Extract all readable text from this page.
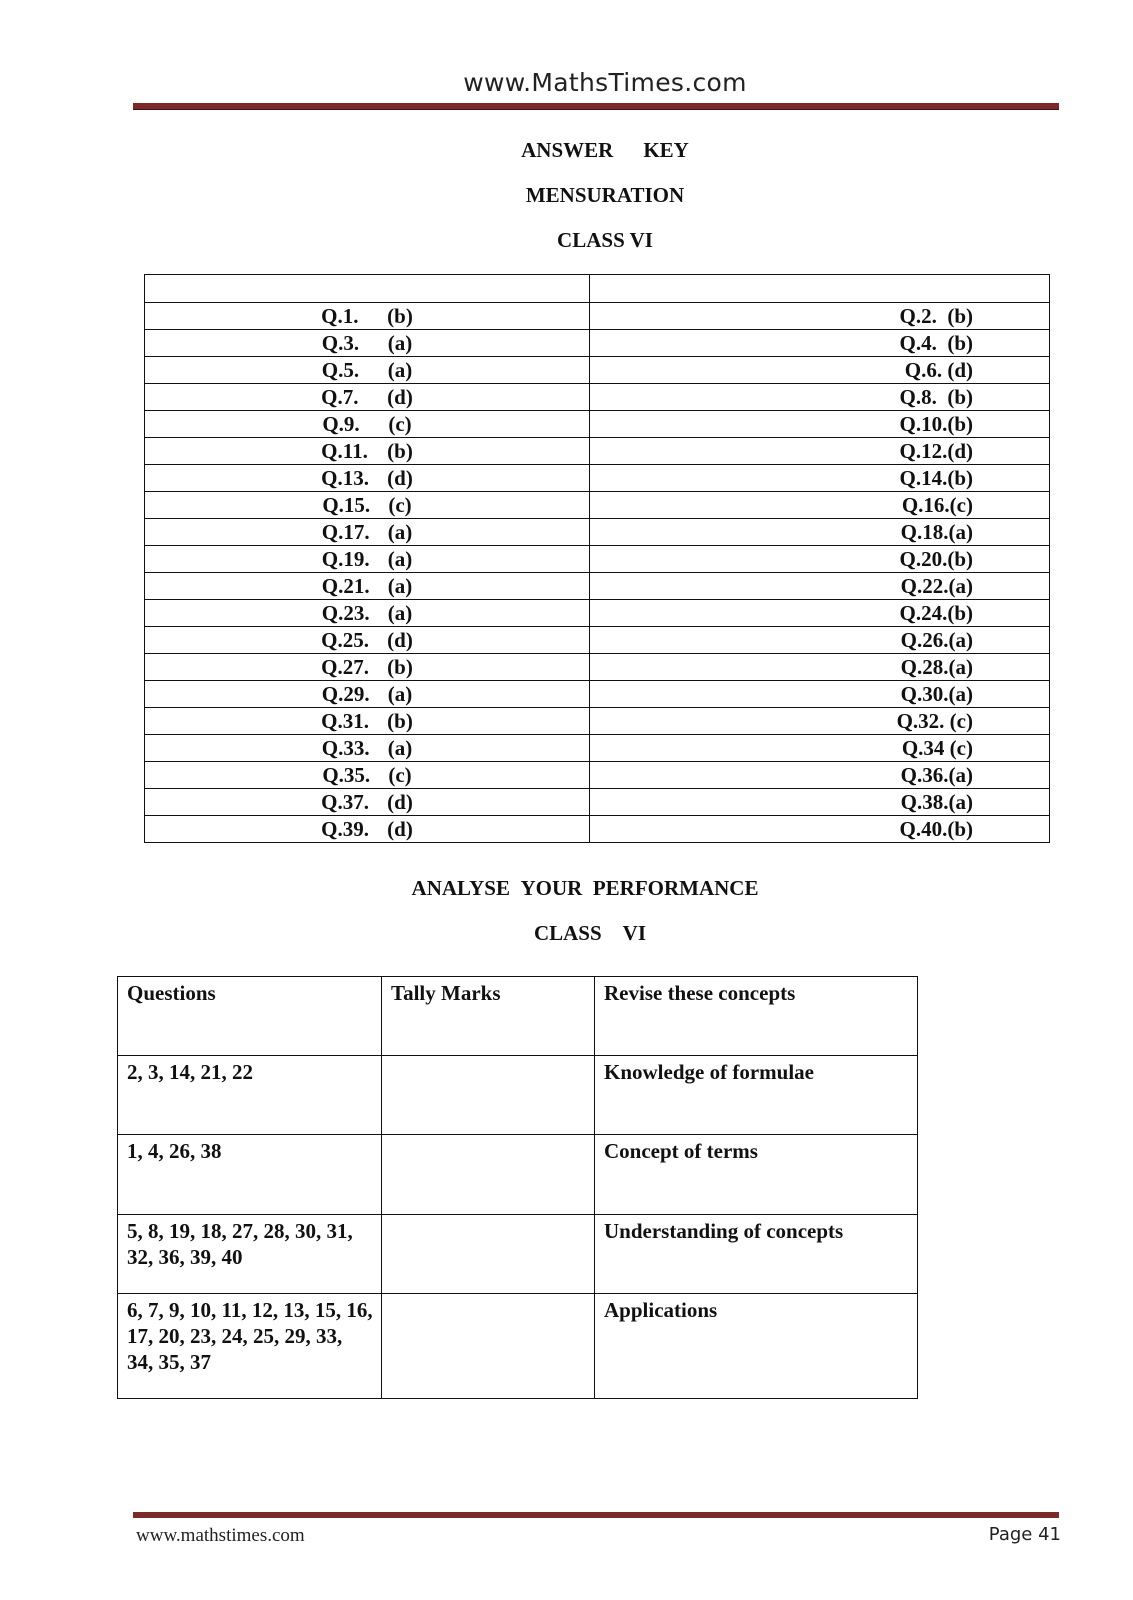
www.MathsTimes.com
ANSWER KEY
MENSURATION
CLASS VI

Q.1. (b)	Q.2.  (b)
Q.3. (a)	Q.4.  (b)
Q.5. (a)	Q.6. (d)
Q.7. (d)	Q.8.  (b)
Q.9. (c)	Q.10.(b)
Q.11. (b)	Q.12.(d)
Q.13. (d)	Q.14.(b)
Q.15. (c)	Q.16.(c)
Q.17. (a)	Q.18.(a)
Q.19. (a)	Q.20.(b)
Q.21. (a)	Q.22.(a)
Q.23. (a)	Q.24.(b)
Q.25. (d)	Q.26.(a)
Q.27. (b)	Q.28.(a)
Q.29. (a)	Q.30.(a)
Q.31. (b)	Q.32. (c)
Q.33. (a)	Q.34 (c)
Q.35. (c)	Q.36.(a)
Q.37. (d)	Q.38.(a)
Q.39. (d)	Q.40.(b)
ANALYSE YOUR PERFORMANCE
CLASS VI
Questions	Tally Marks	Revise these concepts
2, 3, 14, 21, 22		Knowledge of formulae
1, 4, 26, 38		Concept of terms
5, 8, 19, 18, 27, 28, 30, 31, 32, 36, 39, 40		Understanding of concepts
6, 7, 9, 10, 11, 12, 13, 15, 16, 17, 20, 23, 24, 25, 29, 33, 34, 35, 37		Applications
www.mathstimes.com	Page 41
